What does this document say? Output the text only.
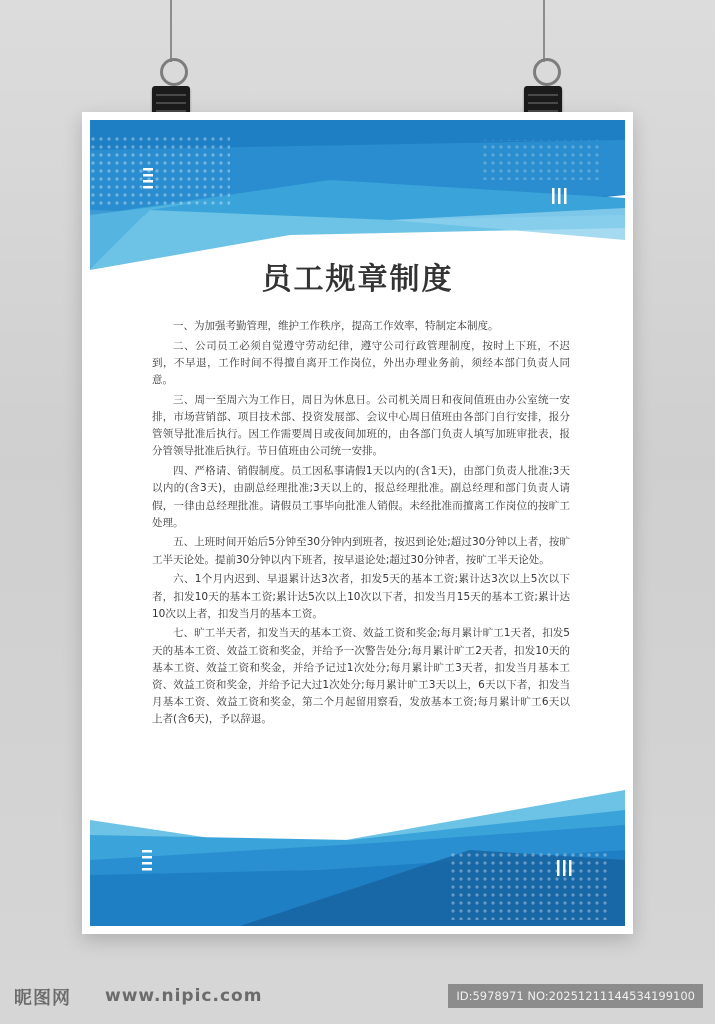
员工规章制度

一、为加强考勤管理，维护工作秩序，提高工作效率，特制定本制度。

二、公司员工必须自觉遵守劳动纪律，遵守公司行政管理制度，按时上下班，不迟到，不早退，工作时间不得擅自离开工作岗位，外出办理业务前，须经本部门负责人同意。

三、周一至周六为工作日，周日为休息日。公司机关周日和夜间值班由办公室统一安排，市场营销部、项目技术部、投资发展部、会议中心周日值班由各部门自行安排，报分管领导批准后执行。因工作需要周日或夜间加班的，由各部门负责人填写加班审批表，报分管领导批准后执行。节日值班由公司统一安排。

四、严格请、销假制度。员工因私事请假1天以内的(含1天)，由部门负责人批准;3天以内的(含3天)，由副总经理批准;3天以上的，报总经理批准。副总经理和部门负责人请假，一律由总经理批准。请假员工事毕向批准人销假。未经批准而擅离工作岗位的按旷工处理。

五、上班时间开始后5分钟至30分钟内到班者，按迟到论处;超过30分钟以上者，按旷工半天论处。提前30分钟以内下班者，按早退论处;超过30分钟者，按旷工半天论处。

六、1个月内迟到、早退累计达3次者，扣发5天的基本工资;累计达3次以上5次以下者，扣发10天的基本工资;累计达5次以上10次以下者，扣发当月15天的基本工资;累计达10次以上者，扣发当月的基本工资。

七、旷工半天者，扣发当天的基本工资、效益工资和奖金;每月累计旷工1天者，扣发5天的基本工资、效益工资和奖金，并给予一次警告处分;每月累计旷工2天者，扣发10天的基本工资、效益工资和奖金，并给予记过1次处分;每月累计旷工3天者，扣发当月基本工资、效益工资和奖金，并给予记大过1次处分;每月累计旷工3天以上，6天以下者，扣发当月基本工资、效益工资和奖金，第二个月起留用察看，发放基本工资;每月累计旷工6天以上者(含6天)，予以辞退。

昵图网 www.nipic.com	ID:5978971 NO:20251211144534199100
